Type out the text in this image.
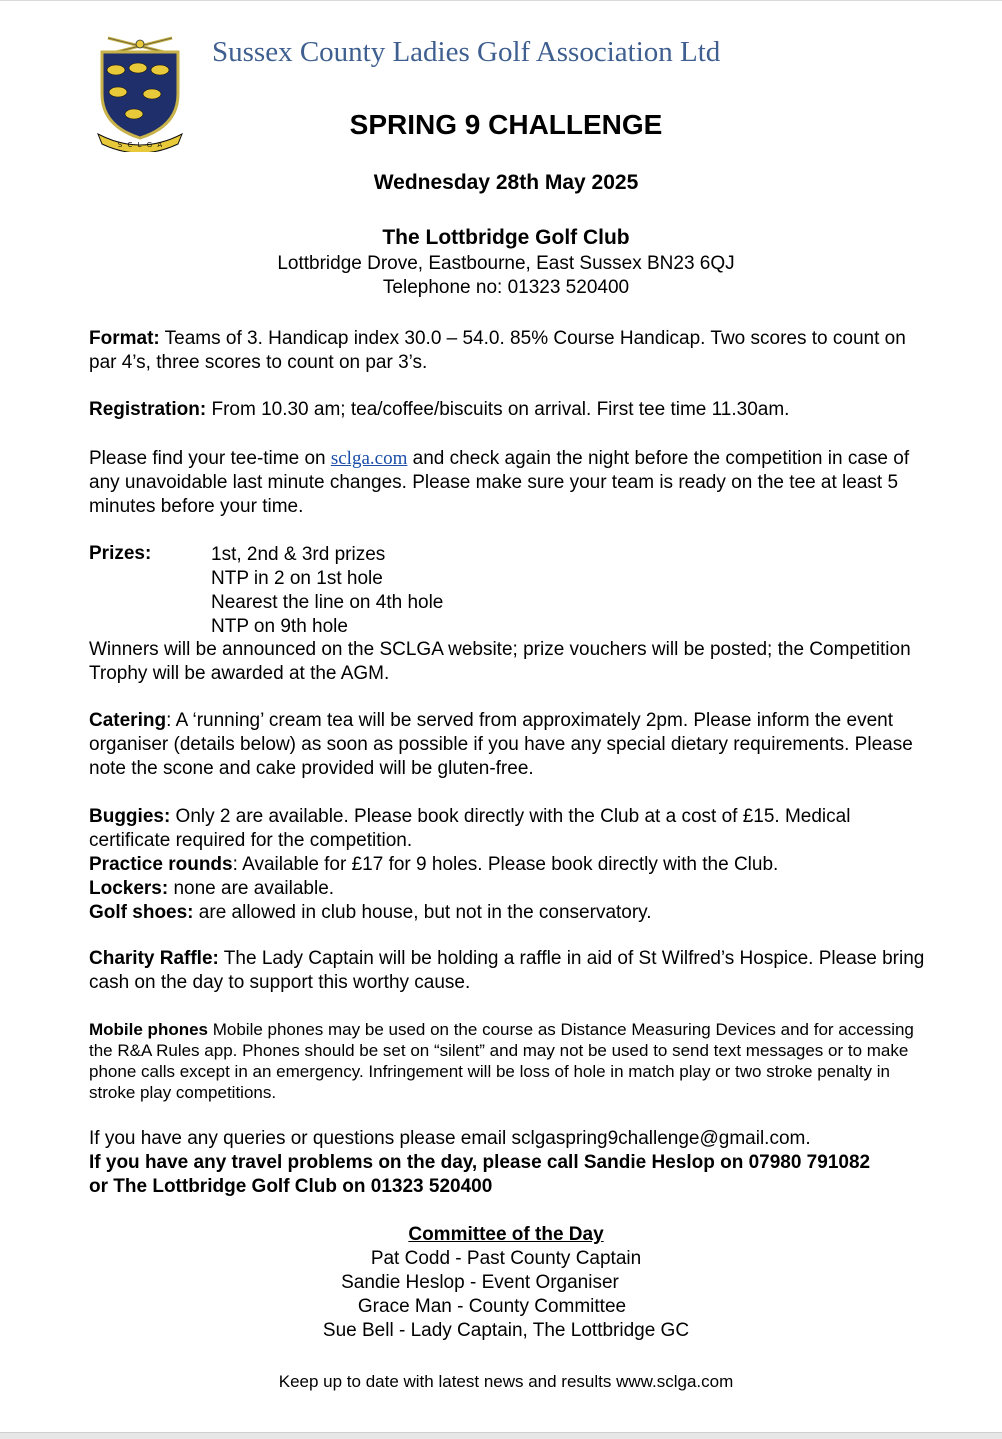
S C L G A
Sussex County Ladies Golf Association Ltd
SPRING 9 CHALLENGE
Wednesday 28th May 2025
The Lottbridge Golf Club
Lottbridge Drove, Eastbourne, East Sussex BN23 6QJ
Telephone no: 01323 520400
Format: Teams of 3. Handicap index 30.0 – 54.0. 85% Course Handicap. Two scores to count on par 4’s, three scores to count on par 3’s.
Registration: From 10.30 am; tea/coffee/biscuits on arrival. First tee time 11.30am.
Please find your tee-time on sclga.com and check again the night before the competition in case of any unavoidable last minute changes. Please make sure your team is ready on the tee at least 5 minutes before your time.
Prizes:	1st, 2nd & 3rd prizes
NTP in 2 on 1st hole
Nearest the line on 4th hole
NTP on 9th hole
Winners will be announced on the SCLGA website; prize vouchers will be posted; the Competition Trophy will be awarded at the AGM.
Catering: A ‘running’ cream tea will be served from approximately 2pm. Please inform the event organiser (details below) as soon as possible if you have any special dietary requirements. Please note the scone and cake provided will be gluten-free.
Buggies: Only 2 are available. Please book directly with the Club at a cost of £15. Medical certificate required for the competition.
Practice rounds: Available for £17 for 9 holes. Please book directly with the Club.
Lockers: none are available.
Golf shoes: are allowed in club house, but not in the conservatory.
Charity Raffle: The Lady Captain will be holding a raffle in aid of St Wilfred’s Hospice. Please bring cash on the day to support this worthy cause.
Mobile phones Mobile phones may be used on the course as Distance Measuring Devices and for accessing the R&A Rules app. Phones should be set on “silent” and may not be used to send text messages or to make phone calls except in an emergency. Infringement will be loss of hole in match play or two stroke penalty in stroke play competitions.
If you have any queries or questions please email sclgaspring9challenge@gmail.com.
If you have any travel problems on the day, please call Sandie Heslop on 07980 791082 or The Lottbridge Golf Club on 01323 520400
Committee of the Day
Pat Codd - Past County Captain
Sandie Heslop - Event Organiser
Grace Man - County Committee
Sue Bell - Lady Captain, The Lottbridge GC
Keep up to date with latest news and results www.sclga.com
